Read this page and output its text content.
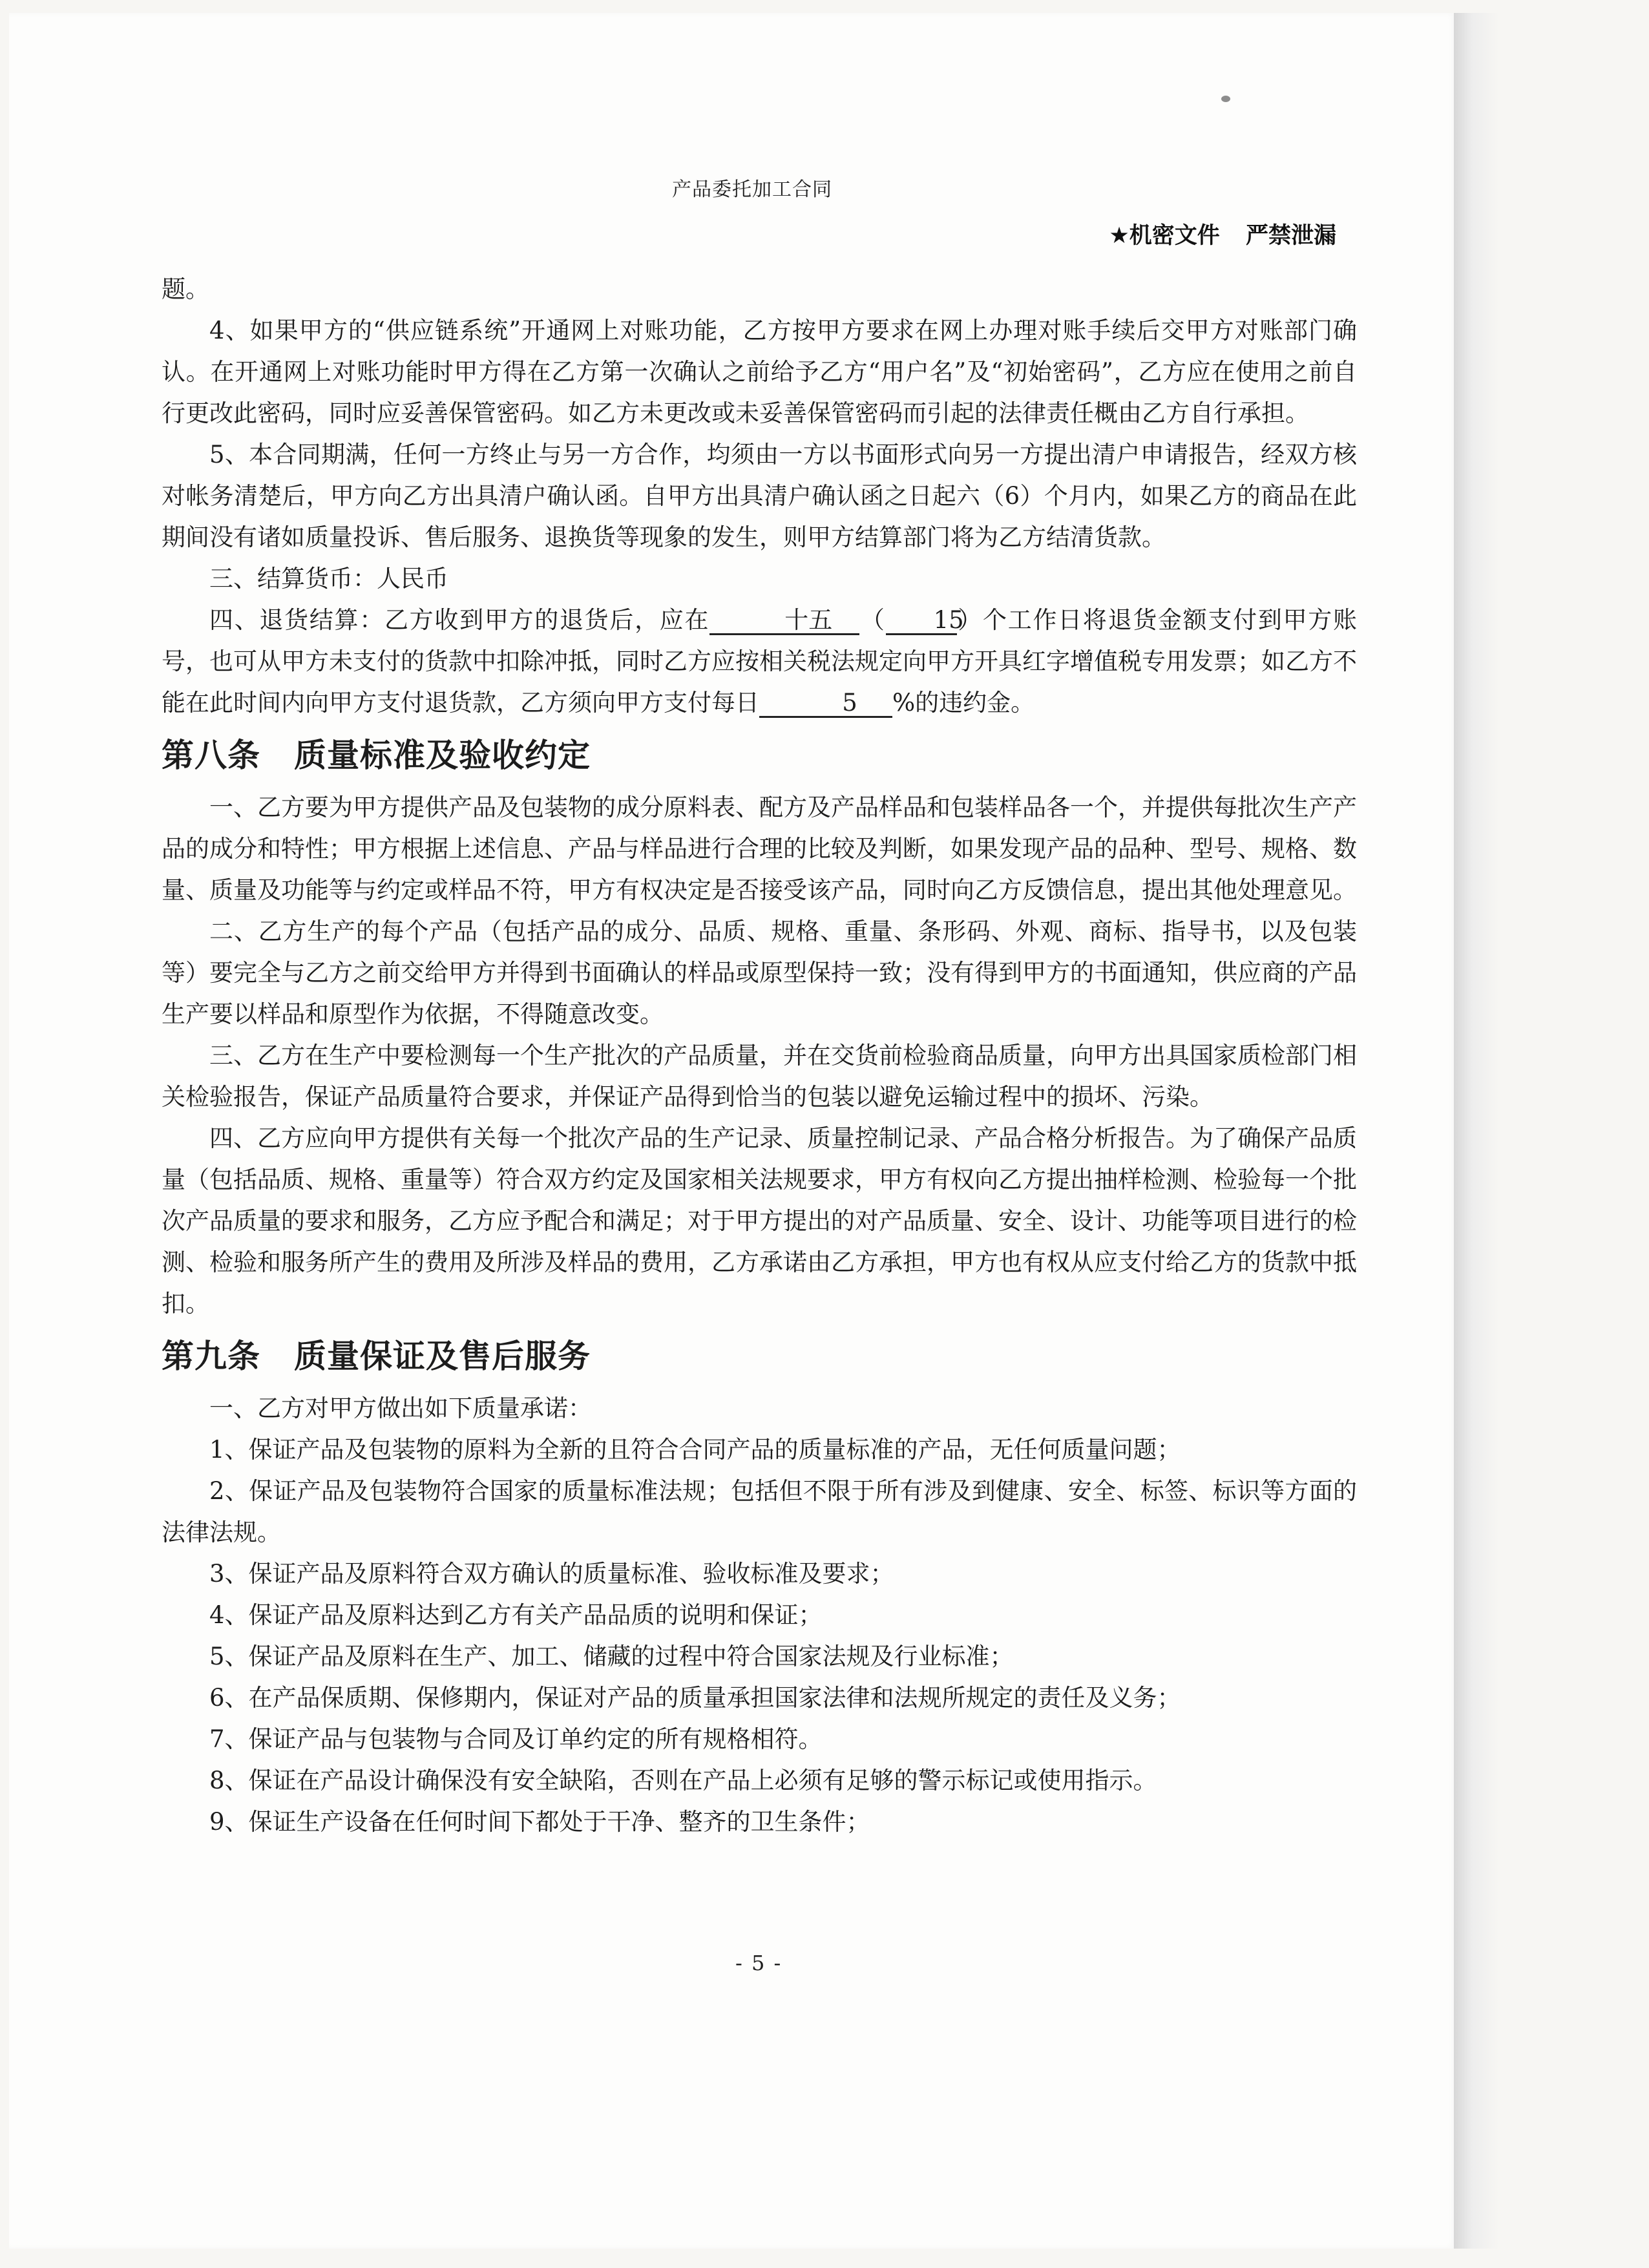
产品委托加工合同
★机密文件 严禁泄漏

题。

4、如果甲方的“供应链系统”开通网上对账功能，乙方按甲方要求在网上办理对账手续后交甲方对账部门确认。在开通网上对账功能时甲方得在乙方第一次确认之前给予乙方“用户名”及“初始密码”，乙方应在使用之前自行更改此密码，同时应妥善保管密码。如乙方未更改或未妥善保管密码而引起的法律责任概由乙方自行承担。

5、本合同期满，任何一方终止与另一方合作，均须由一方以书面形式向另一方提出清户申请报告，经双方核对帐务清楚后，甲方向乙方出具清户确认函。自甲方出具清户确认函之日起六（6）个月内，如果乙方的商品在此期间没有诸如质量投诉、售后服务、退换货等现象的发生，则甲方结算部门将为乙方结清货款。

三、结算货币：人民币

四、退货结算：乙方收到甲方的退货后，应在	十五 （ 15）个工作日将退货金额支付到甲方账号，也可从甲方未支付的货款中扣除冲抵，同时乙方应按相关税法规定向甲方开具红字增值税专用发票；如乙方不能在此时间内向甲方支付退货款，乙方须向甲方支付每日	5 %的违约金。

第八条 质量标准及验收约定

一、乙方要为甲方提供产品及包装物的成分原料表、配方及产品样品和包装样品各一个，并提供每批次生产产品的成分和特性；甲方根据上述信息、产品与样品进行合理的比较及判断，如果发现产品的品种、型号、规格、数量、质量及功能等与约定或样品不符，甲方有权决定是否接受该产品，同时向乙方反馈信息，提出其他处理意见。

二、乙方生产的每个产品（包括产品的成分、品质、规格、重量、条形码、外观、商标、指导书，以及包装等）要完全与乙方之前交给甲方并得到书面确认的样品或原型保持一致；没有得到甲方的书面通知，供应商的产品生产要以样品和原型作为依据，不得随意改变。

三、乙方在生产中要检测每一个生产批次的产品质量，并在交货前检验商品质量，向甲方出具国家质检部门相关检验报告，保证产品质量符合要求，并保证产品得到恰当的包装以避免运输过程中的损坏、污染。

四、乙方应向甲方提供有关每一个批次产品的生产记录、质量控制记录、产品合格分析报告。为了确保产品质量（包括品质、规格、重量等）符合双方约定及国家相关法规要求，甲方有权向乙方提出抽样检测、检验每一个批次产品质量的要求和服务，乙方应予配合和满足；对于甲方提出的对产品质量、安全、设计、功能等项目进行的检测、检验和服务所产生的费用及所涉及样品的费用，乙方承诺由乙方承担，甲方也有权从应支付给乙方的货款中抵扣。

第九条 质量保证及售后服务

一、乙方对甲方做出如下质量承诺：

1、保证产品及包装物的原料为全新的且符合合同产品的质量标准的产品，无任何质量问题；

2、保证产品及包装物符合国家的质量标准法规；包括但不限于所有涉及到健康、安全、标签、标识等方面的法律法规。

3、保证产品及原料符合双方确认的质量标准、验收标准及要求；

4、保证产品及原料达到乙方有关产品品质的说明和保证；

5、保证产品及原料在生产、加工、储藏的过程中符合国家法规及行业标准；

6、在产品保质期、保修期内，保证对产品的质量承担国家法律和法规所规定的责任及义务；

7、保证产品与包装物与合同及订单约定的所有规格相符。

8、保证在产品设计确保没有安全缺陷，否则在产品上必须有足够的警示标记或使用指示。

9、保证生产设备在任何时间下都处于干净、整齐的卫生条件；

- 5 -
